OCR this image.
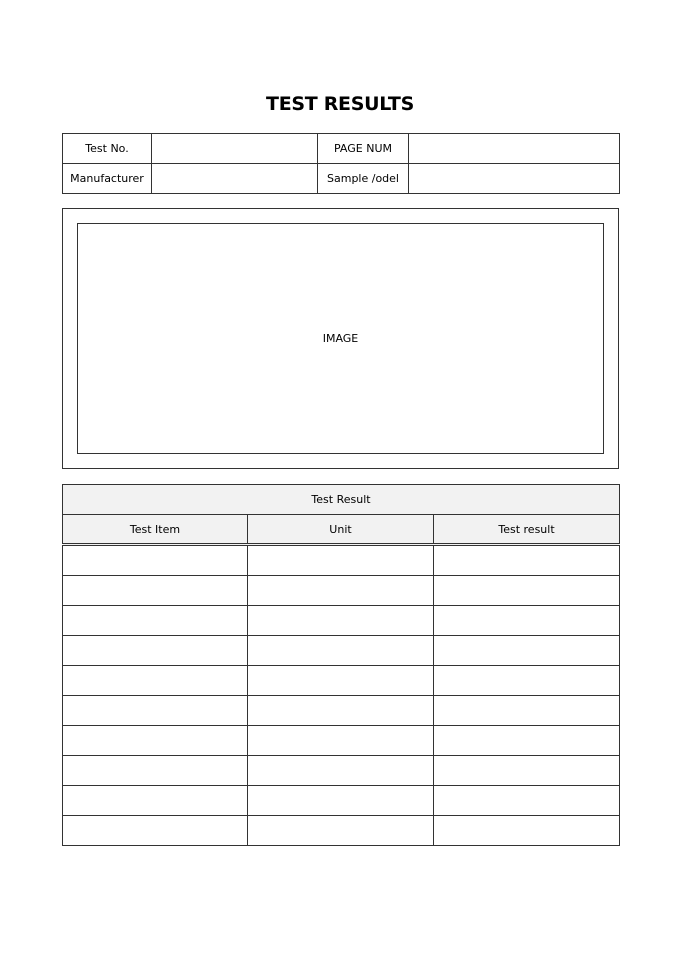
TEST RESULTS
Test No.		PAGE NUM	
Manufacturer		Sample /odel	
IMAGE
Test Result		
Test Item	Unit	Test result
